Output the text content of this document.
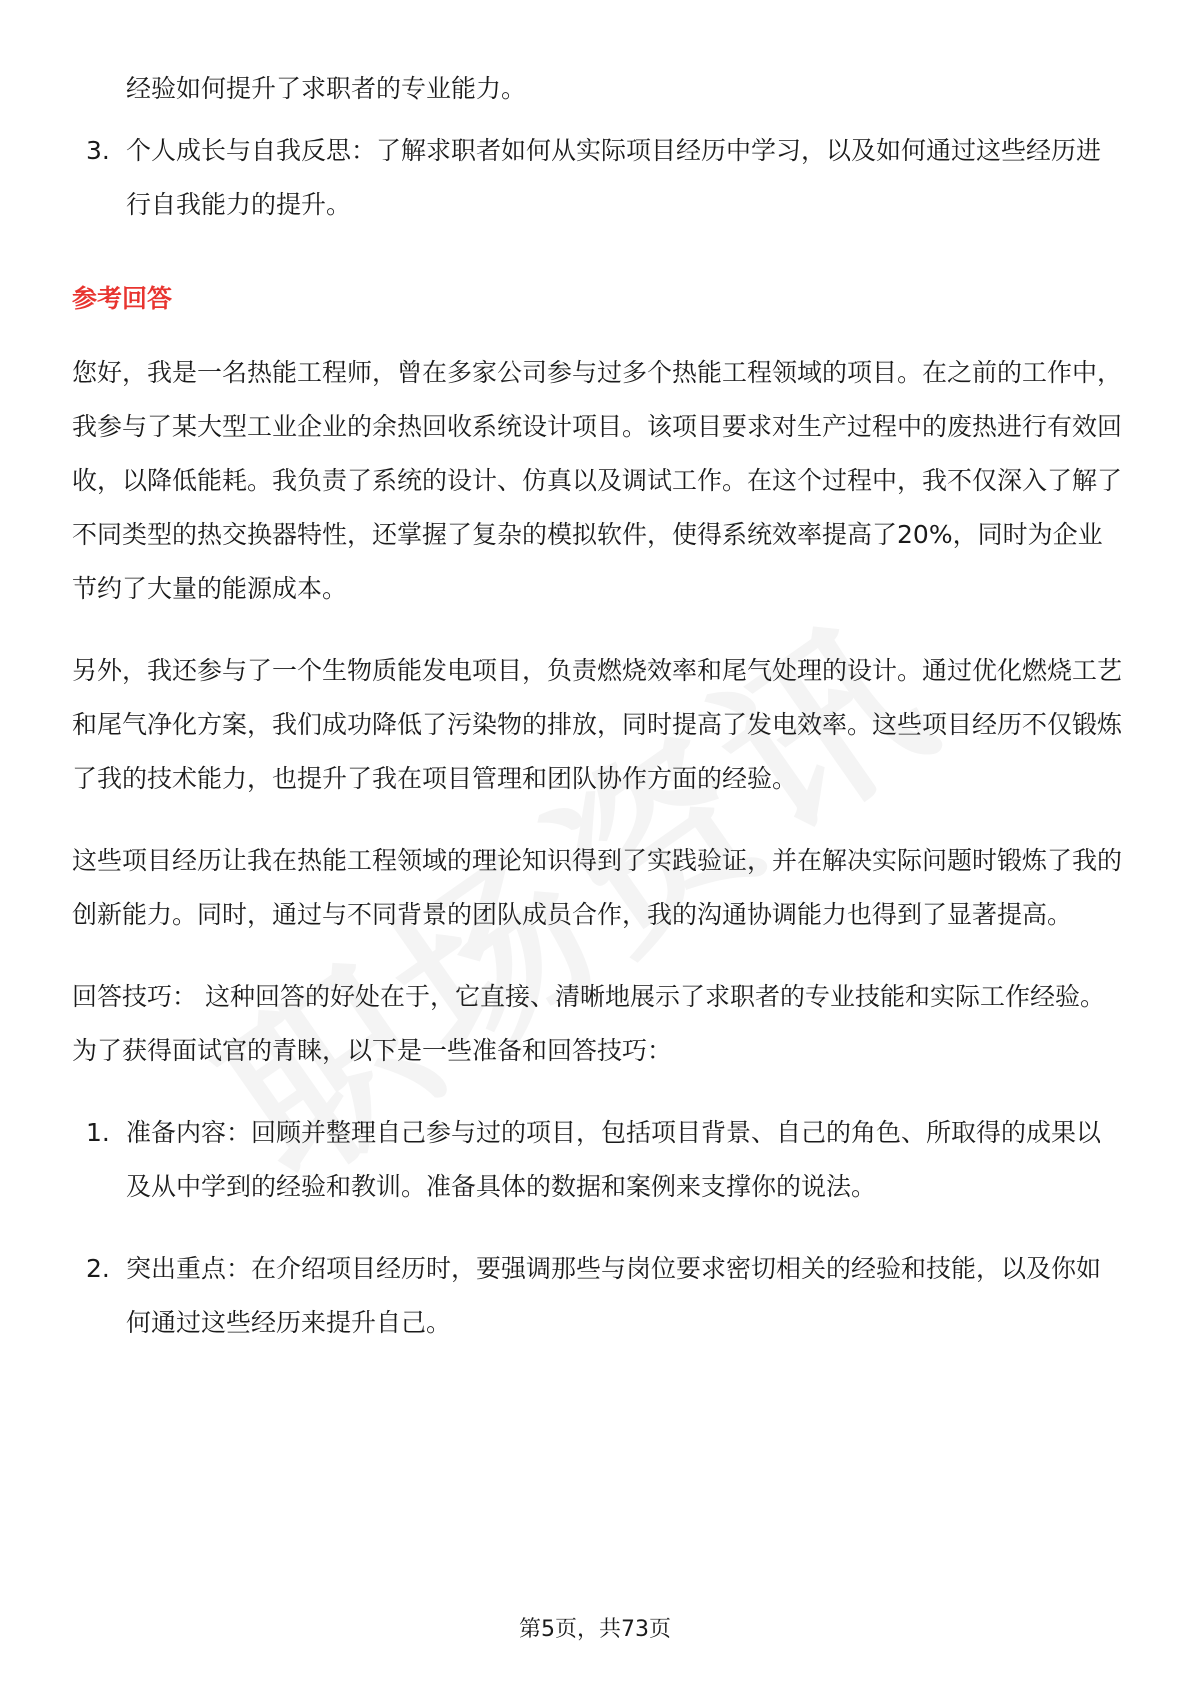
经验如何提升了求职者的专业能力。
3. 个人成长与自我反思：了解求职者如何从实际项目经历中学习，以及如何通过这些经历进行自我能力的提升。
参考回答

您好，我是一名热能工程师，曾在多家公司参与过多个热能工程领域的项目。在之前的工作中，我参与了某大型工业企业的余热回收系统设计项目。该项目要求对生产过程中的废热进行有效回收，以降低能耗。我负责了系统的设计、仿真以及调试工作。在这个过程中，我不仅深入了解了不同类型的热交换器特性，还掌握了复杂的模拟软件，使得系统效率提高了20%，同时为企业节约了大量的能源成本。

另外，我还参与了一个生物质能发电项目，负责燃烧效率和尾气处理的设计。通过优化燃烧工艺和尾气净化方案，我们成功降低了污染物的排放，同时提高了发电效率。这些项目经历不仅锻炼了我的技术能力，也提升了我在项目管理和团队协作方面的经验。

这些项目经历让我在热能工程领域的理论知识得到了实践验证，并在解决实际问题时锻炼了我的创新能力。同时，通过与不同背景的团队成员合作，我的沟通协调能力也得到了显著提高。

回答技巧： 这种回答的好处在于，它直接、清晰地展示了求职者的专业技能和实际工作经验。为了获得面试官的青睐，以下是一些准备和回答技巧：

1. 准备内容：回顾并整理自己参与过的项目，包括项目背景、自己的角色、所取得的成果以及从中学到的经验和教训。准备具体的数据和案例来支撑你的说法。
2. 突出重点：在介绍项目经历时，要强调那些与岗位要求密切相关的经验和技能，以及你如何通过这些经历来提升自己。
第5页，共73页
